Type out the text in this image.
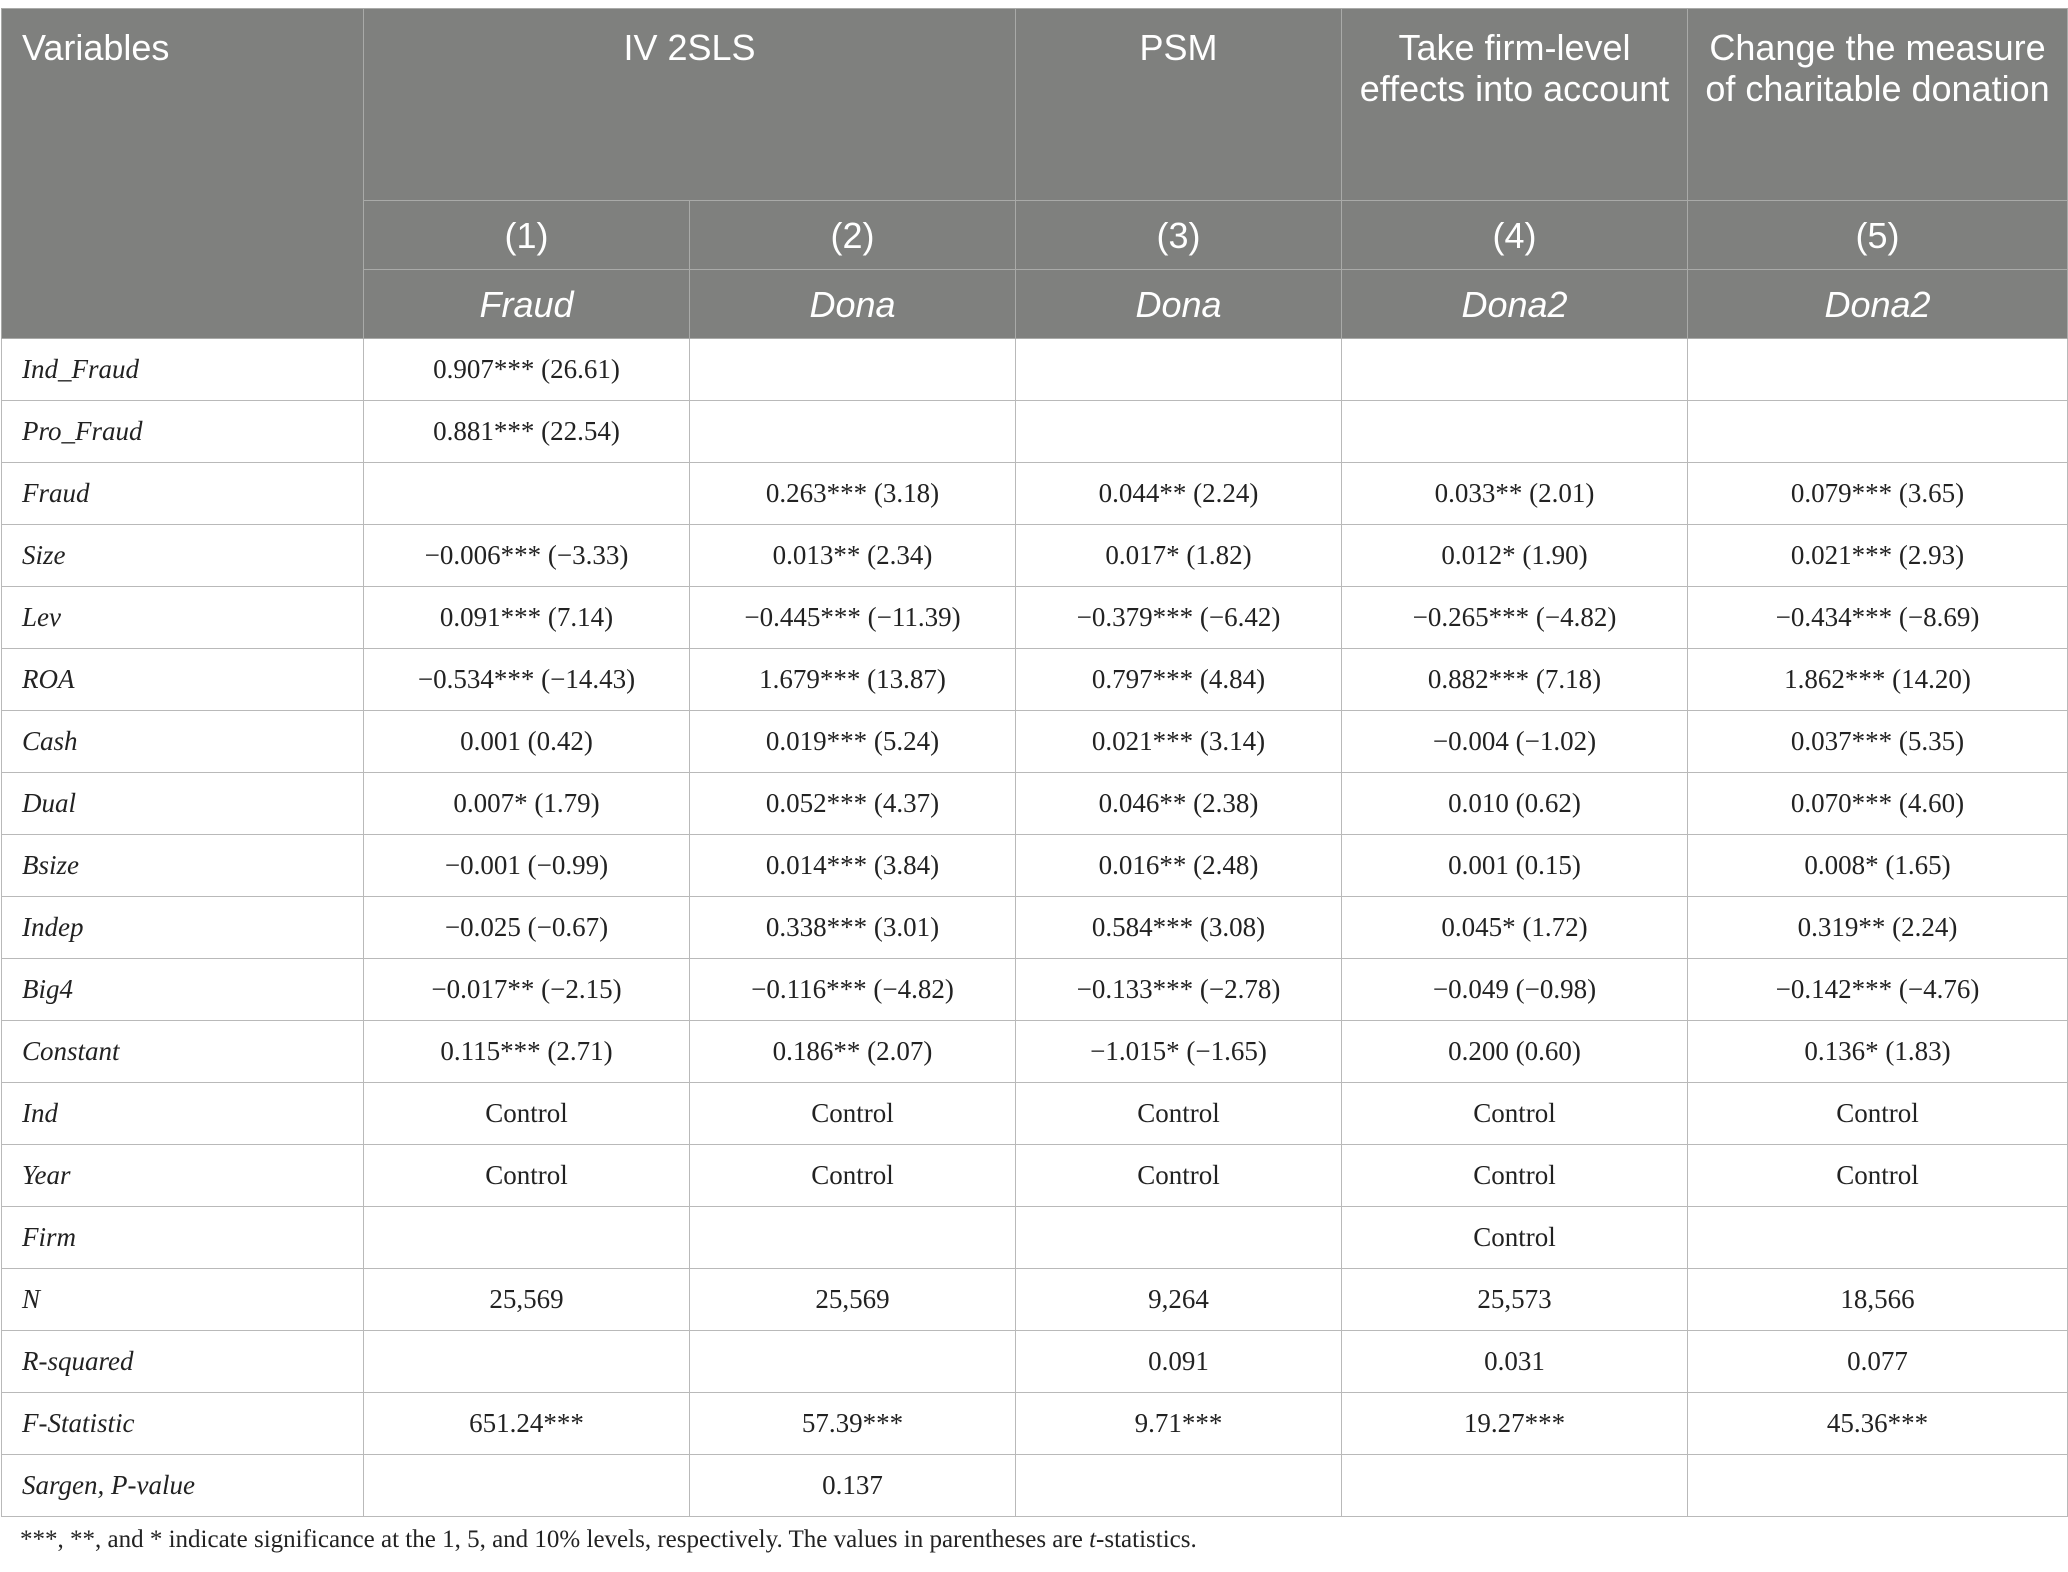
Variables	IV 2SLS		PSM	Take firm-level effects into account	Change the measure of charitable donation
	(1)	(2)	(3)	(4)	(5)
	Fraud	Dona	Dona	Dona2	Dona2
Ind_Fraud	0.907*** (26.61)				
Pro_Fraud	0.881*** (22.54)				
Fraud		0.263*** (3.18)	0.044** (2.24)	0.033** (2.01)	0.079*** (3.65)
Size	−0.006*** (−3.33)	0.013** (2.34)	0.017* (1.82)	0.012* (1.90)	0.021*** (2.93)
Lev	0.091*** (7.14)	−0.445*** (−11.39)	−0.379*** (−6.42)	−0.265*** (−4.82)	−0.434*** (−8.69)
ROA	−0.534*** (−14.43)	1.679*** (13.87)	0.797*** (4.84)	0.882*** (7.18)	1.862*** (14.20)
Cash	0.001 (0.42)	0.019*** (5.24)	0.021*** (3.14)	−0.004 (−1.02)	0.037*** (5.35)
Dual	0.007* (1.79)	0.052*** (4.37)	0.046** (2.38)	0.010 (0.62)	0.070*** (4.60)
Bsize	−0.001 (−0.99)	0.014*** (3.84)	0.016** (2.48)	0.001 (0.15)	0.008* (1.65)
Indep	−0.025 (−0.67)	0.338*** (3.01)	0.584*** (3.08)	0.045* (1.72)	0.319** (2.24)
Big4	−0.017** (−2.15)	−0.116*** (−4.82)	−0.133*** (−2.78)	−0.049 (−0.98)	−0.142*** (−4.76)
Constant	0.115*** (2.71)	0.186** (2.07)	−1.015* (−1.65)	0.200 (0.60)	0.136* (1.83)
Ind	Control	Control	Control	Control	Control
Year	Control	Control	Control	Control	Control
Firm				Control	
N	25,569	25,569	9,264	25,573	18,566
R-squared			0.091	0.031	0.077
F-Statistic	651.24***	57.39***	9.71***	19.27***	45.36***
Sargen, P-value		0.137			
***, **, and * indicate significance at the 1, 5, and 10% levels, respectively. The values in parentheses are t-statistics.
